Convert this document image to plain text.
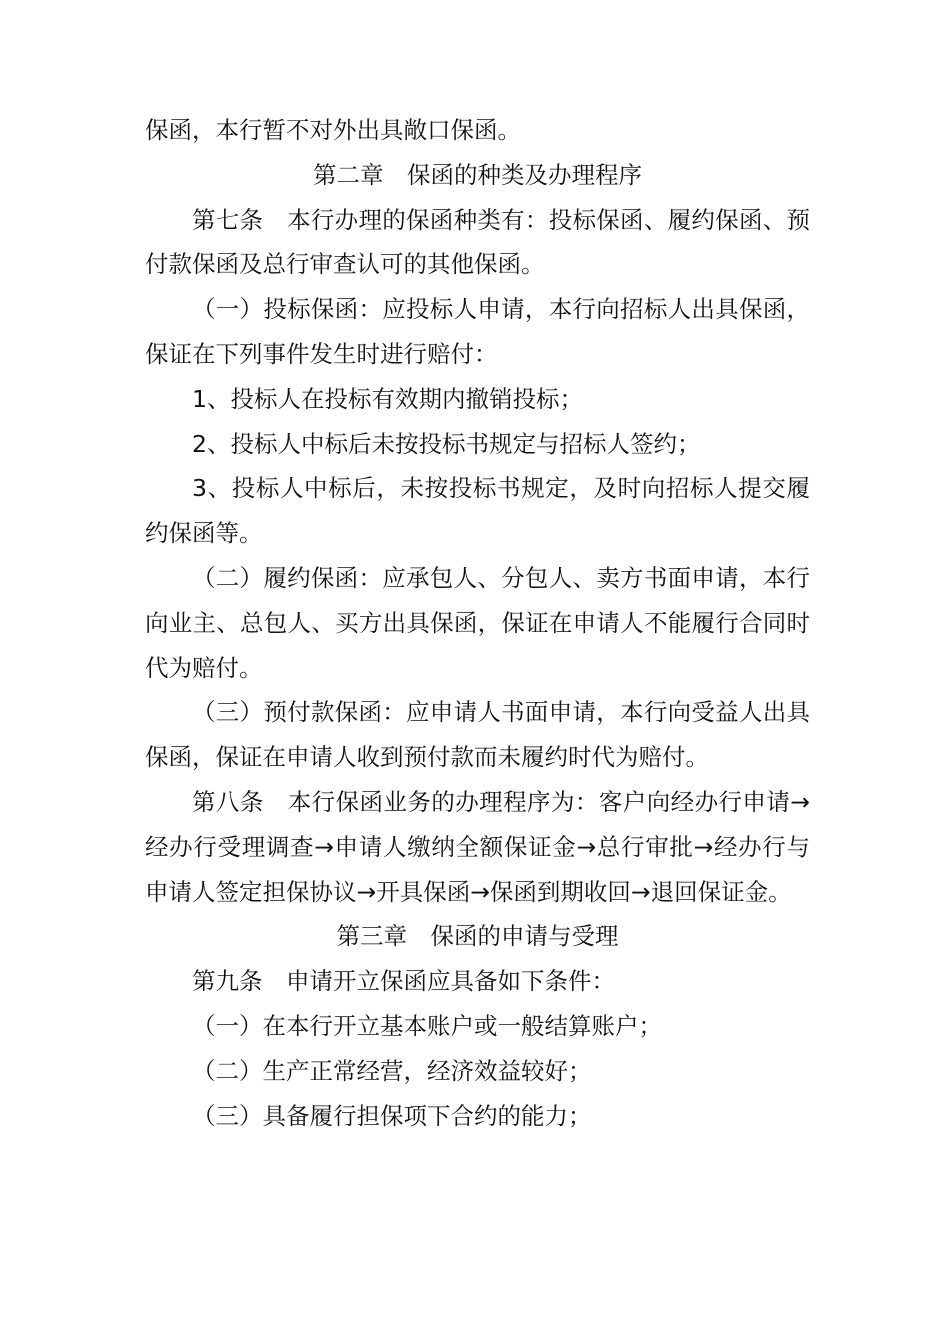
保函，本行暂不对外出具敞口保函。

第二章　保函的种类及办理程序

第七条　本行办理的保函种类有：投标保函、履约保函、预付款保函及总行审查认可的其他保函。

（一）投标保函：应投标人申请，本行向招标人出具保函，保证在下列事件发生时进行赔付：

1、投标人在投标有效期内撤销投标；

2、投标人中标后未按投标书规定与招标人签约；

3、投标人中标后，未按投标书规定，及时向招标人提交履约保函等。

（二）履约保函：应承包人、分包人、卖方书面申请，本行向业主、总包人、买方出具保函，保证在申请人不能履行合同时代为赔付。

（三）预付款保函：应申请人书面申请，本行向受益人出具保函，保证在申请人收到预付款而未履约时代为赔付。

第八条　本行保函业务的办理程序为：客户向经办行申请→经办行受理调查→申请人缴纳全额保证金→总行审批→经办行与申请人签定担保协议→开具保函→保函到期收回→退回保证金。

第三章　保函的申请与受理

第九条　申请开立保函应具备如下条件：

（一）在本行开立基本账户或一般结算账户；

（二）生产正常经营，经济效益较好；

（三）具备履行担保项下合约的能力；
